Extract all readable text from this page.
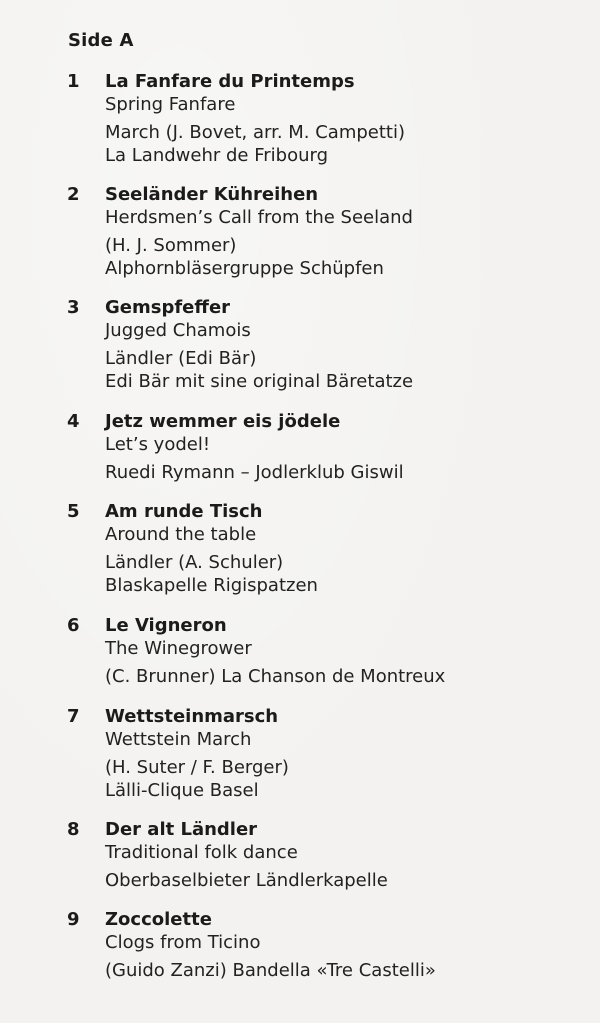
Side A
1 La Fanfare du Printemps
Spring Fanfare
March (J. Bovet, arr. M. Campetti)
La Landwehr de Fribourg
2 Seeländer Kühreihen
Herdsmen’s Call from the Seeland
(H. J. Sommer)
Alphornbläsergruppe Schüpfen
3 Gemspfeffer
Jugged Chamois
Ländler (Edi Bär)
Edi Bär mit sine original Bäretatze
4 Jetz wemmer eis jödele
Let’s yodel!
Ruedi Rymann – Jodlerklub Giswil
5 Am runde Tisch
Around the table
Ländler (A. Schuler)
Blaskapelle Rigispatzen
6 Le Vigneron
The Winegrower
(C. Brunner) La Chanson de Montreux
7 Wettsteinmarsch
Wettstein March
(H. Suter / F. Berger)
Lälli-Clique Basel
8 Der alt Ländler
Traditional folk dance
Oberbaselbieter Ländlerkapelle
9 Zoccolette
Clogs from Ticino
(Guido Zanzi) Bandella «Tre Castelli»
